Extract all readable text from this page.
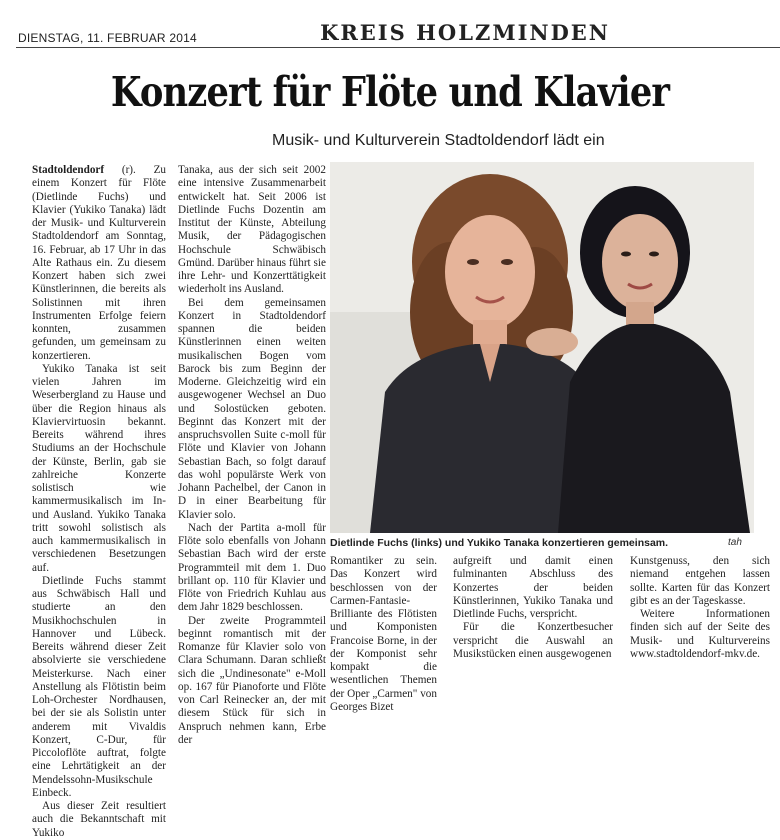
DIENSTAG, 11. FEBRUAR 2014	KREIS HOLZMINDEN
Konzert für Flöte und Klavier
Musik- und Kulturverein Stadtoldendorf lädt ein

Stadtoldendorf (r). Zu einem Konzert für Flöte (Dietlinde Fuchs) und Klavier (Yukiko Tanaka) lädt der Musik- und Kulturverein Stadtoldendorf am Sonntag, 16. Februar, ab 17 Uhr in das Alte Rathaus ein. Zu diesem Konzert haben sich zwei Künstlerinnen, die bereits als Solistinnen mit ihren Instrumenten Erfolge feiern konnten, zusammen gefunden, um gemeinsam zu konzertieren.

Yukiko Tanaka ist seit vielen Jahren im Weserbergland zu Hause und über die Region hinaus als Klaviervirtuosin bekannt. Bereits während ihres Studiums an der Hochschule der Künste, Berlin, gab sie zahlreiche Konzerte solistisch wie kammermusikalisch im In- und Ausland. Yukiko Tanaka tritt sowohl solistisch als auch kammermusikalisch in verschiedenen Besetzungen auf.

Dietlinde Fuchs stammt aus Schwäbisch Hall und studierte an den Musikhochschulen in Hannover und Lübeck. Bereits während dieser Zeit absolvierte sie verschiedene Meisterkurse. Nach einer Anstellung als Flötistin beim Loh-Orchester Nordhausen, bei der sie als Solistin unter anderem mit Vivaldis Konzert, C-Dur, für Piccoloflöte auftrat, folgte eine Lehrtätigkeit an der Mendelssohn-Musikschule Einbeck.

Aus dieser Zeit resultiert auch die Bekanntschaft mit Yukiko

Tanaka, aus der sich seit 2002 eine intensive Zusammenarbeit entwickelt hat. Seit 2006 ist Dietlinde Fuchs Dozentin am Institut der Künste, Abteilung Musik, der Pädagogischen Hochschule Schwäbisch Gmünd. Darüber hinaus führt sie ihre Lehr- und Konzerttätigkeit wiederholt ins Ausland.

Bei dem gemeinsamen Konzert in Stadtoldendorf spannen die beiden Künstlerinnen einen weiten musikalischen Bogen vom Barock bis zum Beginn der Moderne. Gleichzeitig wird ein ausgewogener Wechsel an Duo und Solostücken geboten. Beginnt das Konzert mit der anspruchsvollen Suite c-moll für Flöte und Klavier von Johann Sebastian Bach, so folgt darauf das wohl populärste Werk von Johann Pachelbel, der Canon in D in einer Bearbeitung für Klavier solo.

Nach der Partita a-moll für Flöte solo ebenfalls von Johann Sebastian Bach wird der erste Programmteil mit dem 1. Duo brillant op. 110 für Klavier und Flöte von Friedrich Kuhlau aus dem Jahr 1829 beschlossen.

Der zweite Programmteil beginnt romantisch mit der Romanze für Klavier solo von Clara Schumann. Daran schließt sich die „Undinesonate" e-Moll op. 167 für Pianoforte und Flöte von Carl Reinecker an, der mit diesem Stück für sich in Anspruch nehmen kann, Erbe der

Dietlinde Fuchs (links) und Yukiko Tanaka konzertieren gemeinsam.	tah

Romantiker zu sein. Das Konzert wird beschlossen von der Carmen-Fantasie-Brilliante des Flötisten und Komponisten Francoise Borne, in der der Komponist sehr kompakt die wesentlichen Themen der Oper „Carmen" von Georges Bizet

aufgreift und damit einen fulminanten Abschluss des Konzertes der beiden Künstlerinnen, Yukiko Tanaka und Dietlinde Fuchs, verspricht.

Für die Konzertbesucher verspricht die Auswahl an Musikstücken einen ausgewogenen

Kunstgenuss, den sich niemand entgehen lassen sollte. Karten für das Konzert gibt es an der Tageskasse.

Weitere Informationen finden sich auf der Seite des Musik- und Kulturvereins www.stadtoldendorf-mkv.de.
